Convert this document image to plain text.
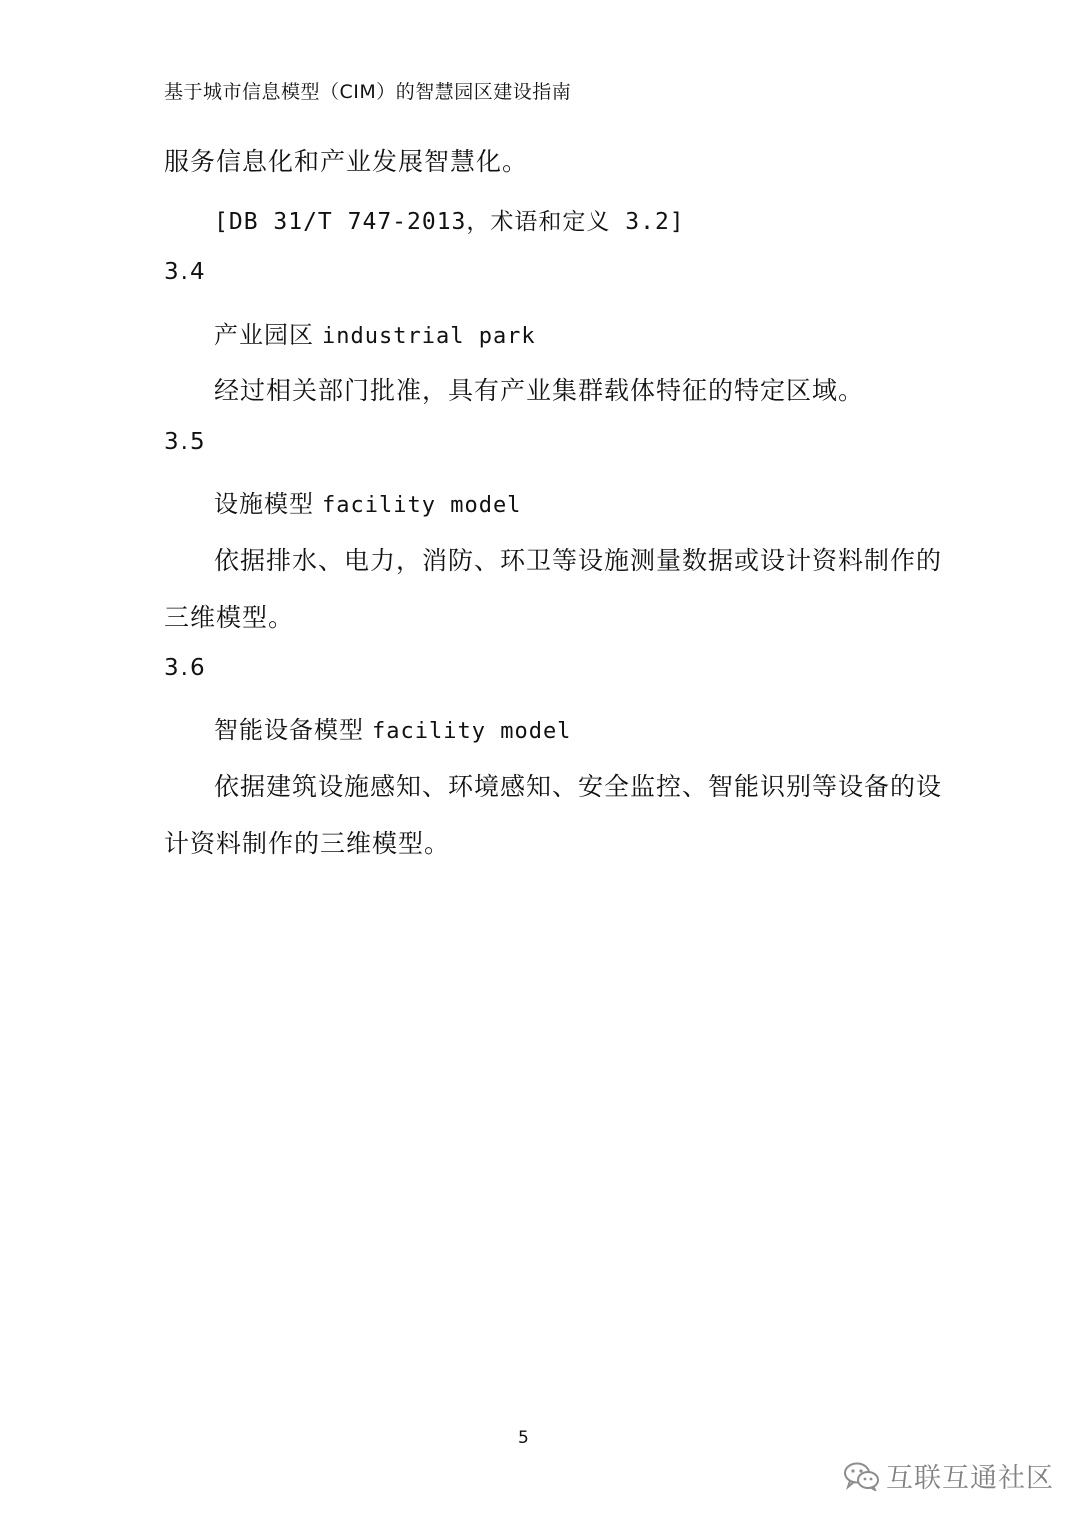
基于城市信息模型（CIM）的智慧园区建设指南
服务信息化和产业发展智慧化。
[DB 31/T 747-2013，术语和定义 3.2]
3.4
产业园区 industrial park
经过相关部门批准，具有产业集群载体特征的特定区域。
3.5
设施模型 facility model
依据排水、电力，消防、环卫等设施测量数据或设计资料制作的
三维模型。
3.6
智能设备模型 facility model
依据建筑设施感知、环境感知、安全监控、智能识别等设备的设
计资料制作的三维模型。
5
互联互通社区
